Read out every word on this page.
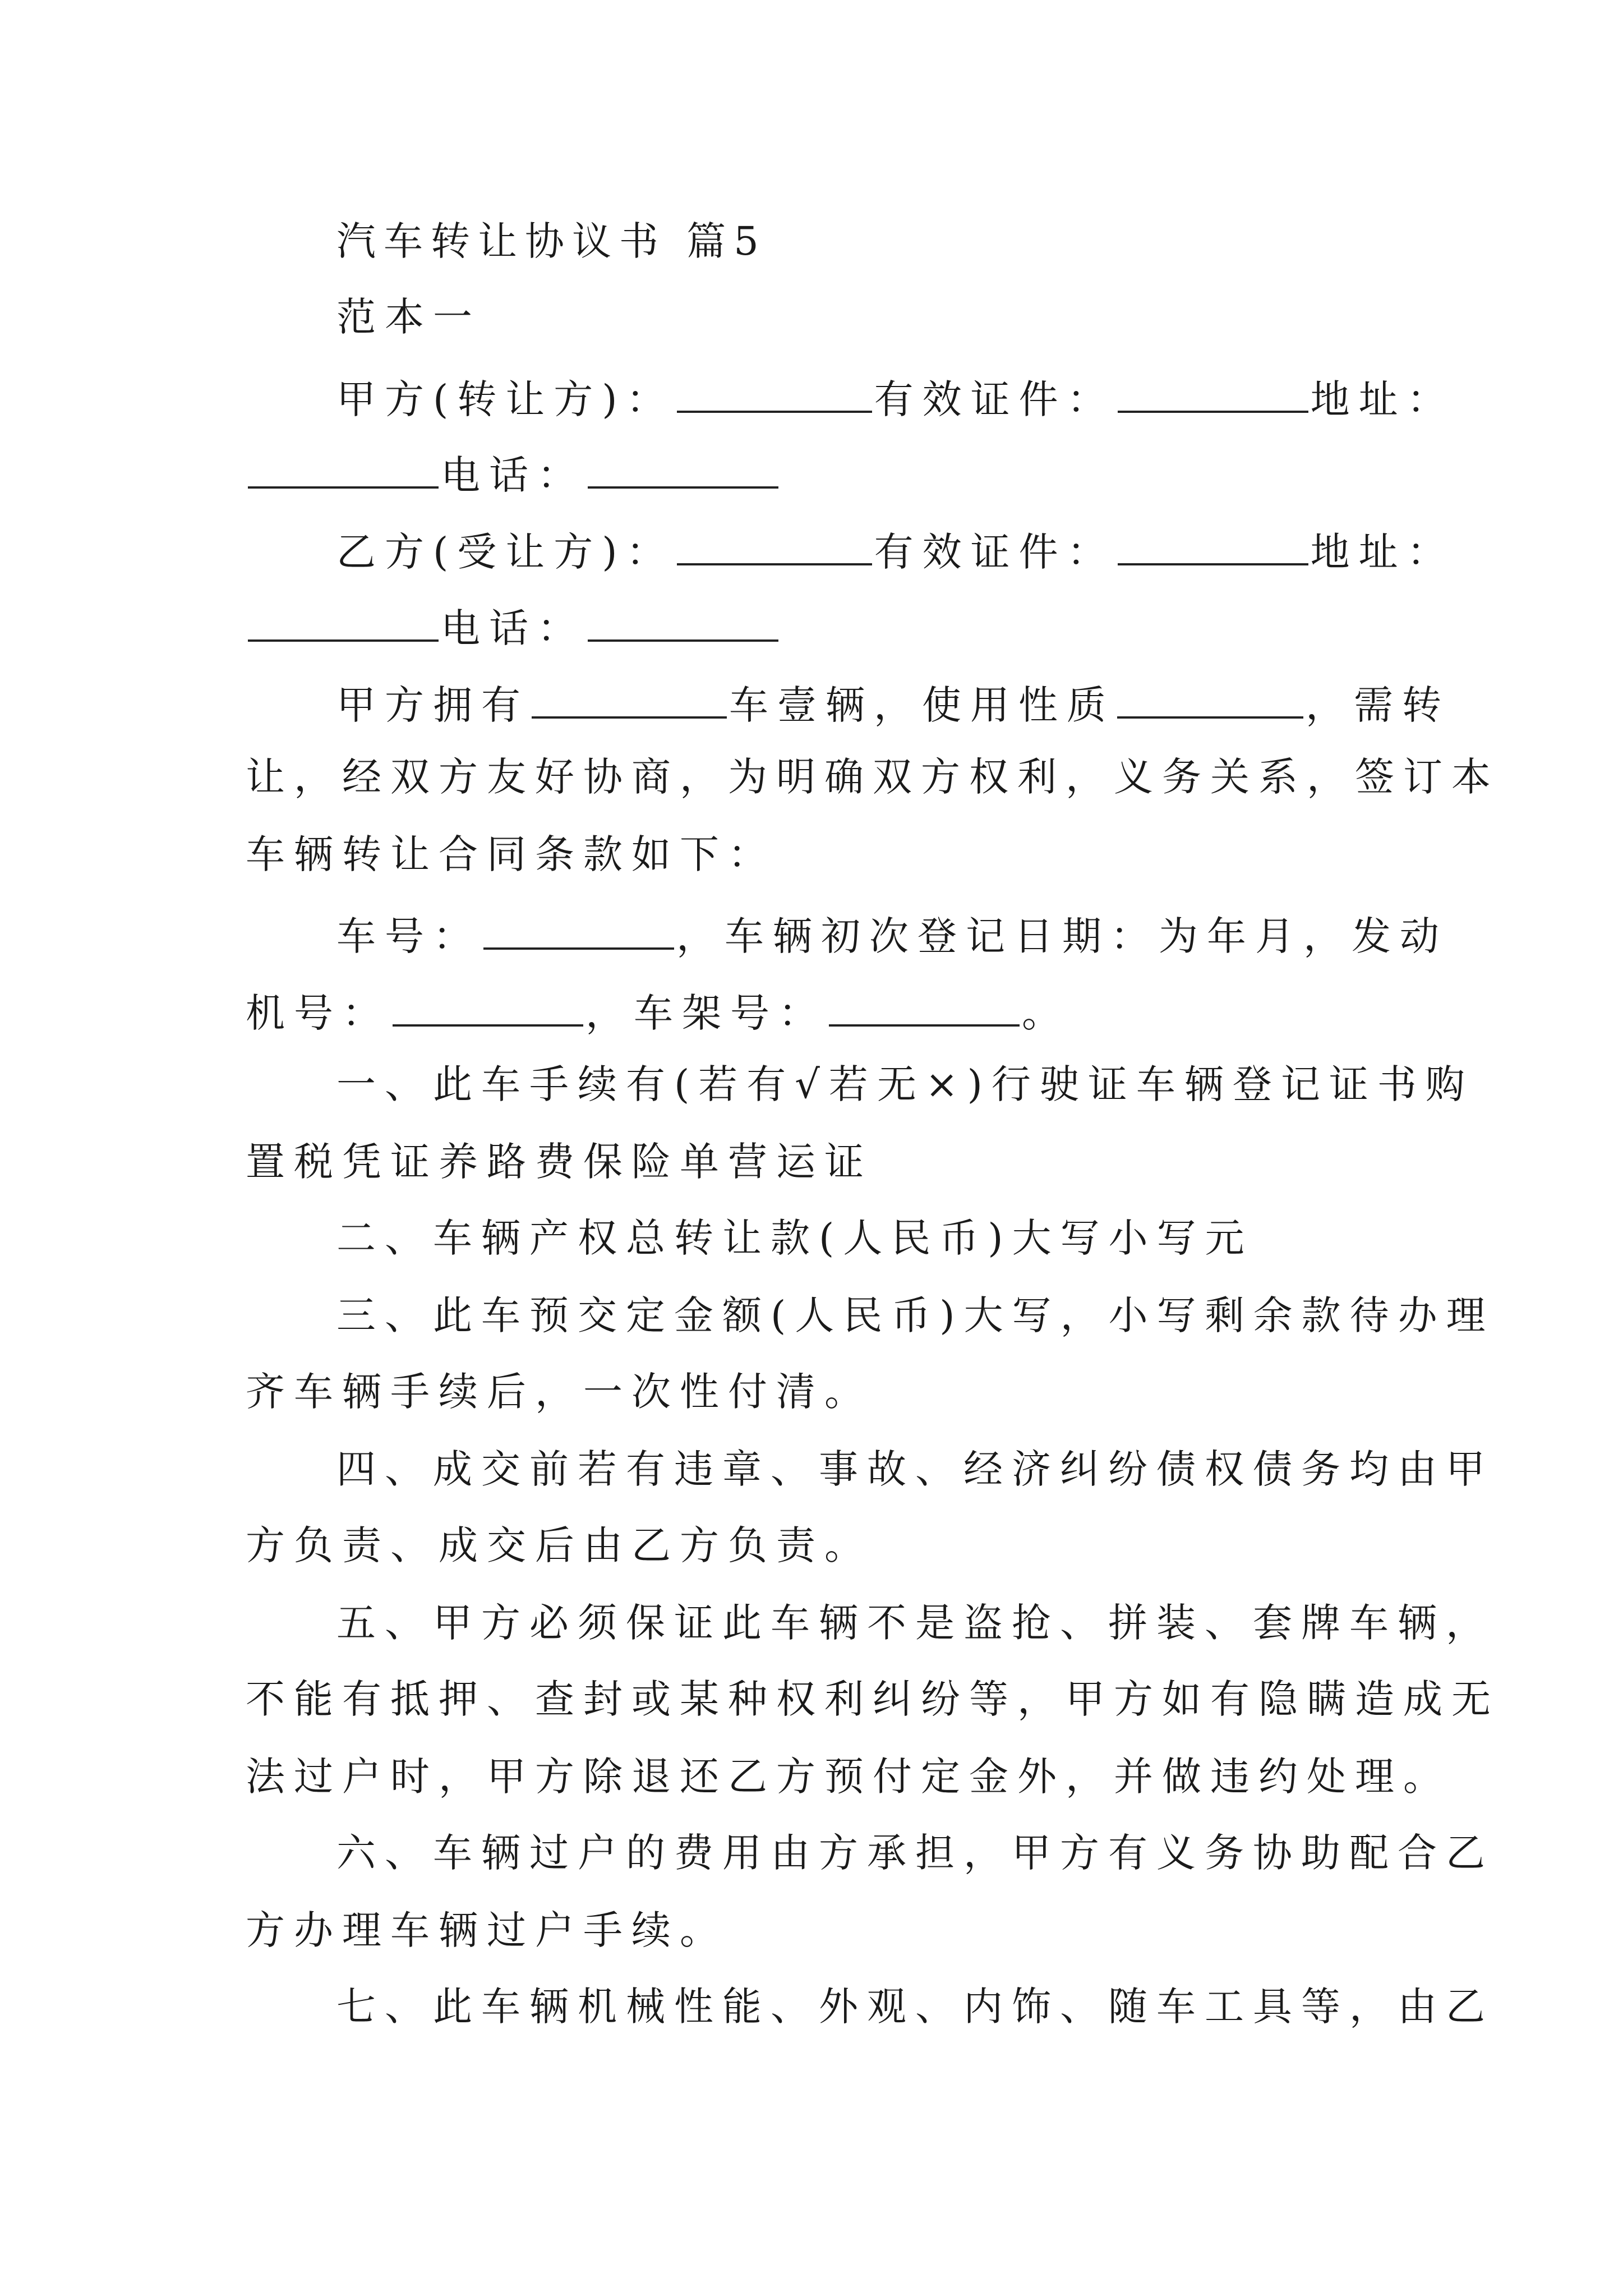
汽车转让协议书 篇5
范本一
甲方(转让方)：	有效证件：	地址：
电话：
乙方(受让方)：	有效证件：	地址：
电话：
甲方拥有	车壹辆，使用性质	，需转
让，经双方友好协商，为明确双方权利，义务关系，签订本
车辆转让合同条款如下：
车号：	，车辆初次登记日期：为年月，发动
机号：	，车架号：	。
一、此车手续有(若有√若无×)行驶证车辆登记证书购
置税凭证养路费保险单营运证
二、车辆产权总转让款(人民币)大写小写元
三、此车预交定金额(人民币)大写，小写剩余款待办理
齐车辆手续后，一次性付清。
四、成交前若有违章、事故、经济纠纷债权债务均由甲
方负责、成交后由乙方负责。
五、甲方必须保证此车辆不是盗抢、拼装、套牌车辆，
不能有抵押、查封或某种权利纠纷等，甲方如有隐瞒造成无
法过户时，甲方除退还乙方预付定金外，并做违约处理。
六、车辆过户的费用由方承担，甲方有义务协助配合乙
方办理车辆过户手续。
七、此车辆机械性能、外观、内饰、随车工具等，由乙
